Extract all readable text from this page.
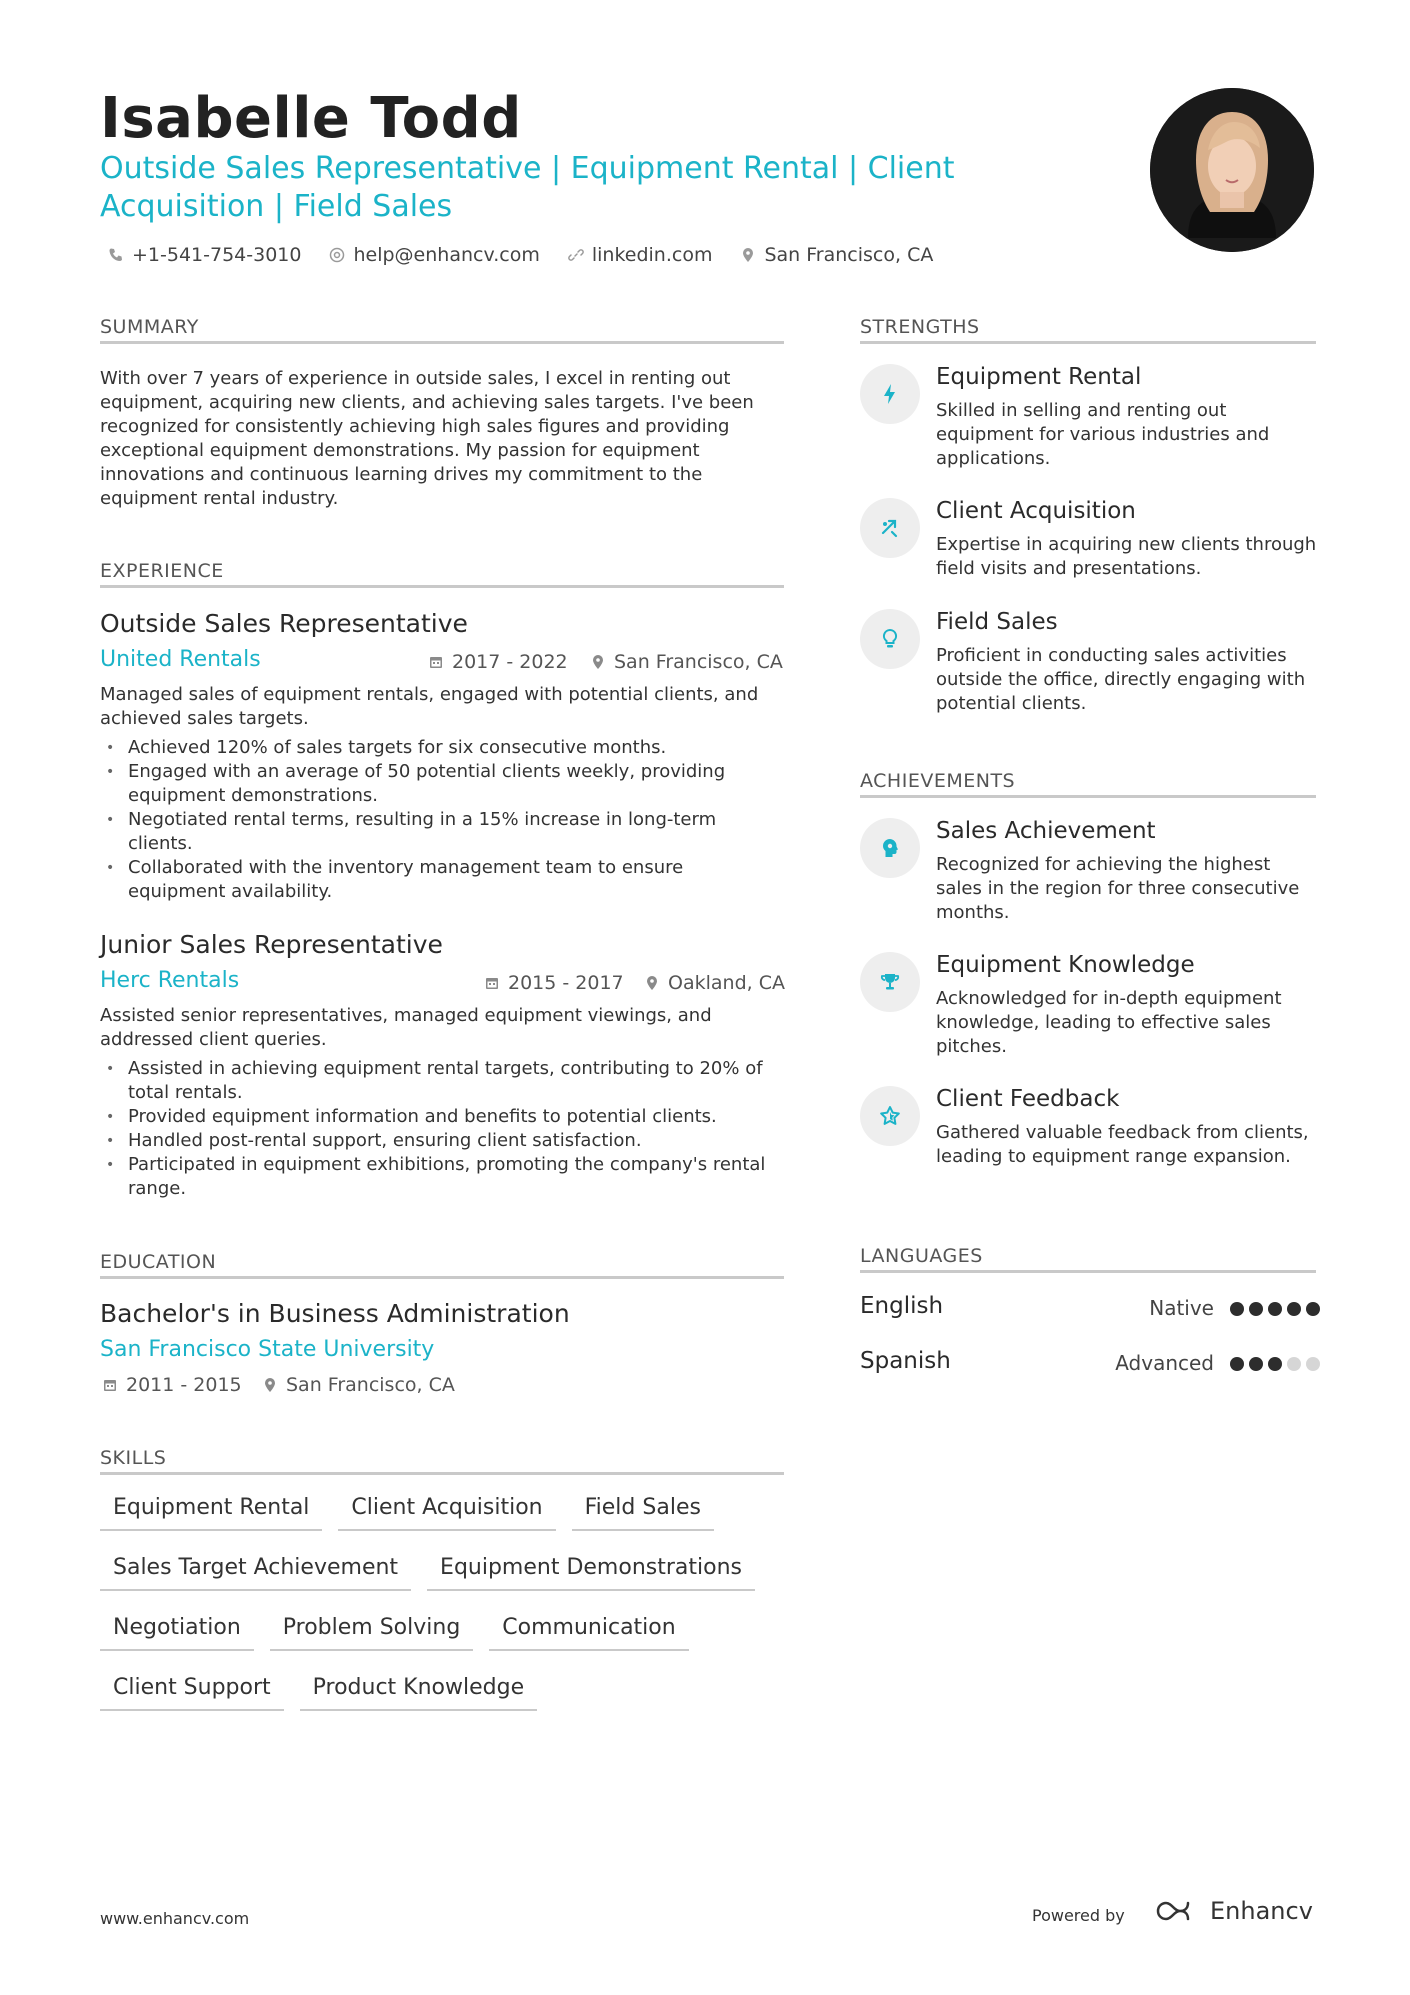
Isabelle Todd
Outside Sales Representative | Equipment Rental | Client Acquisition | Field Sales
+1-541-754-3010	help@enhancv.com	linkedin.com	San Francisco, CA
SUMMARY
With over 7 years of experience in outside sales, I excel in renting out equipment, acquiring new clients, and achieving sales targets. I've been recognized for consistently achieving high sales figures and providing exceptional equipment demonstrations. My passion for equipment innovations and continuous learning drives my commitment to the equipment rental industry.
EXPERIENCE
Outside Sales Representative
United Rentals	2017 - 2022 San Francisco, CA
Managed sales of equipment rentals, engaged with potential clients, and achieved sales targets.
• Achieved 120% of sales targets for six consecutive months.
• Engaged with an average of 50 potential clients weekly, providing equipment demonstrations.
• Negotiated rental terms, resulting in a 15% increase in long-term clients.
• Collaborated with the inventory management team to ensure equipment availability.
Junior Sales Representative
Herc Rentals	2015 - 2017 Oakland, CA
Assisted senior representatives, managed equipment viewings, and addressed client queries.
• Assisted in achieving equipment rental targets, contributing to 20% of total rentals.
• Provided equipment information and benefits to potential clients.
• Handled post-rental support, ensuring client satisfaction.
• Participated in equipment exhibitions, promoting the company's rental range.
EDUCATION
Bachelor's in Business Administration
San Francisco State University
2011 - 2015 San Francisco, CA
SKILLS
Equipment Rental	Client Acquisition	Field Sales
Sales Target Achievement	Equipment Demonstrations
Negotiation	Problem Solving	Communication
Client Support	Product Knowledge
STRENGTHS
Equipment Rental
Skilled in selling and renting out equipment for various industries and applications.
Client Acquisition
Expertise in acquiring new clients through field visits and presentations.
Field Sales
Proficient in conducting sales activities outside the office, directly engaging with potential clients.
ACHIEVEMENTS
Sales Achievement
Recognized for achieving the highest sales in the region for three consecutive months.
Equipment Knowledge
Acknowledged for in-depth equipment knowledge, leading to effective sales pitches.
Client Feedback
Gathered valuable feedback from clients, leading to equipment range expansion.
LANGUAGES
English	Native
Spanish	Advanced
www.enhancv.com	Powered by	Enhancv
